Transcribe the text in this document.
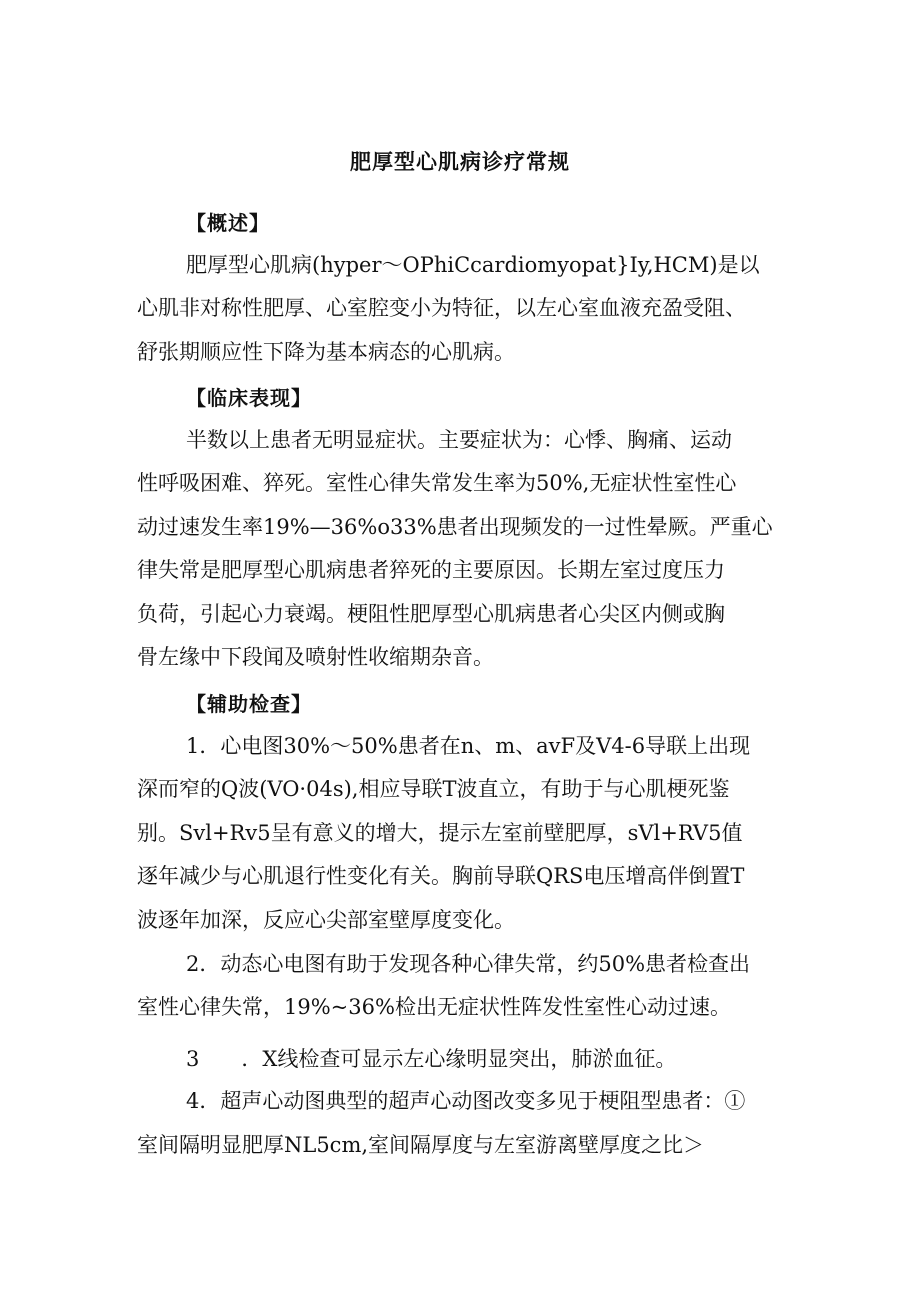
肥厚型心肌病诊疗常规
【概述】
肥厚型心肌病(hyper～OPhiCcardiomyopat}Iy,HCM)是以
心肌非对称性肥厚、心室腔变小为特征，以左心室血液充盈受阻、
舒张期顺应性下降为基本病态的心肌病。
【临床表现】
半数以上患者无明显症状。主要症状为：心悸、胸痛、运动
性呼吸困难、猝死。室性心律失常发生率为50%,无症状性室性心
动过速发生率19%—36%o33%患者出现频发的一过性晕厥。严重心
律失常是肥厚型心肌病患者猝死的主要原因。长期左室过度压力
负荷，引起心力衰竭。梗阻性肥厚型心肌病患者心尖区内侧或胸
骨左缘中下段闻及喷射性收缩期杂音。
【辅助检查】
1．心电图30%～50%患者在n、m、avF及V4-6导联上出现
深而窄的Q波(VO·04s),相应导联T波直立，有助于与心肌梗死鉴
别。Svl+Rv5呈有意义的增大，提示左室前壁肥厚，sVl+RV5值
逐年减少与心肌退行性变化有关。胸前导联QRS电压增高伴倒置T
波逐年加深，反应心尖部室壁厚度变化。
2．动态心电图有助于发现各种心律失常，约50%患者检查出
室性心律失常，19%~36%检出无症状性阵发性室性心动过速。
3 ．X线检查可显示左心缘明显突出，肺淤血征。
4．超声心动图典型的超声心动图改变多见于梗阻型患者：①
室间隔明显肥厚NL5cm,室间隔厚度与左室游离壁厚度之比＞
